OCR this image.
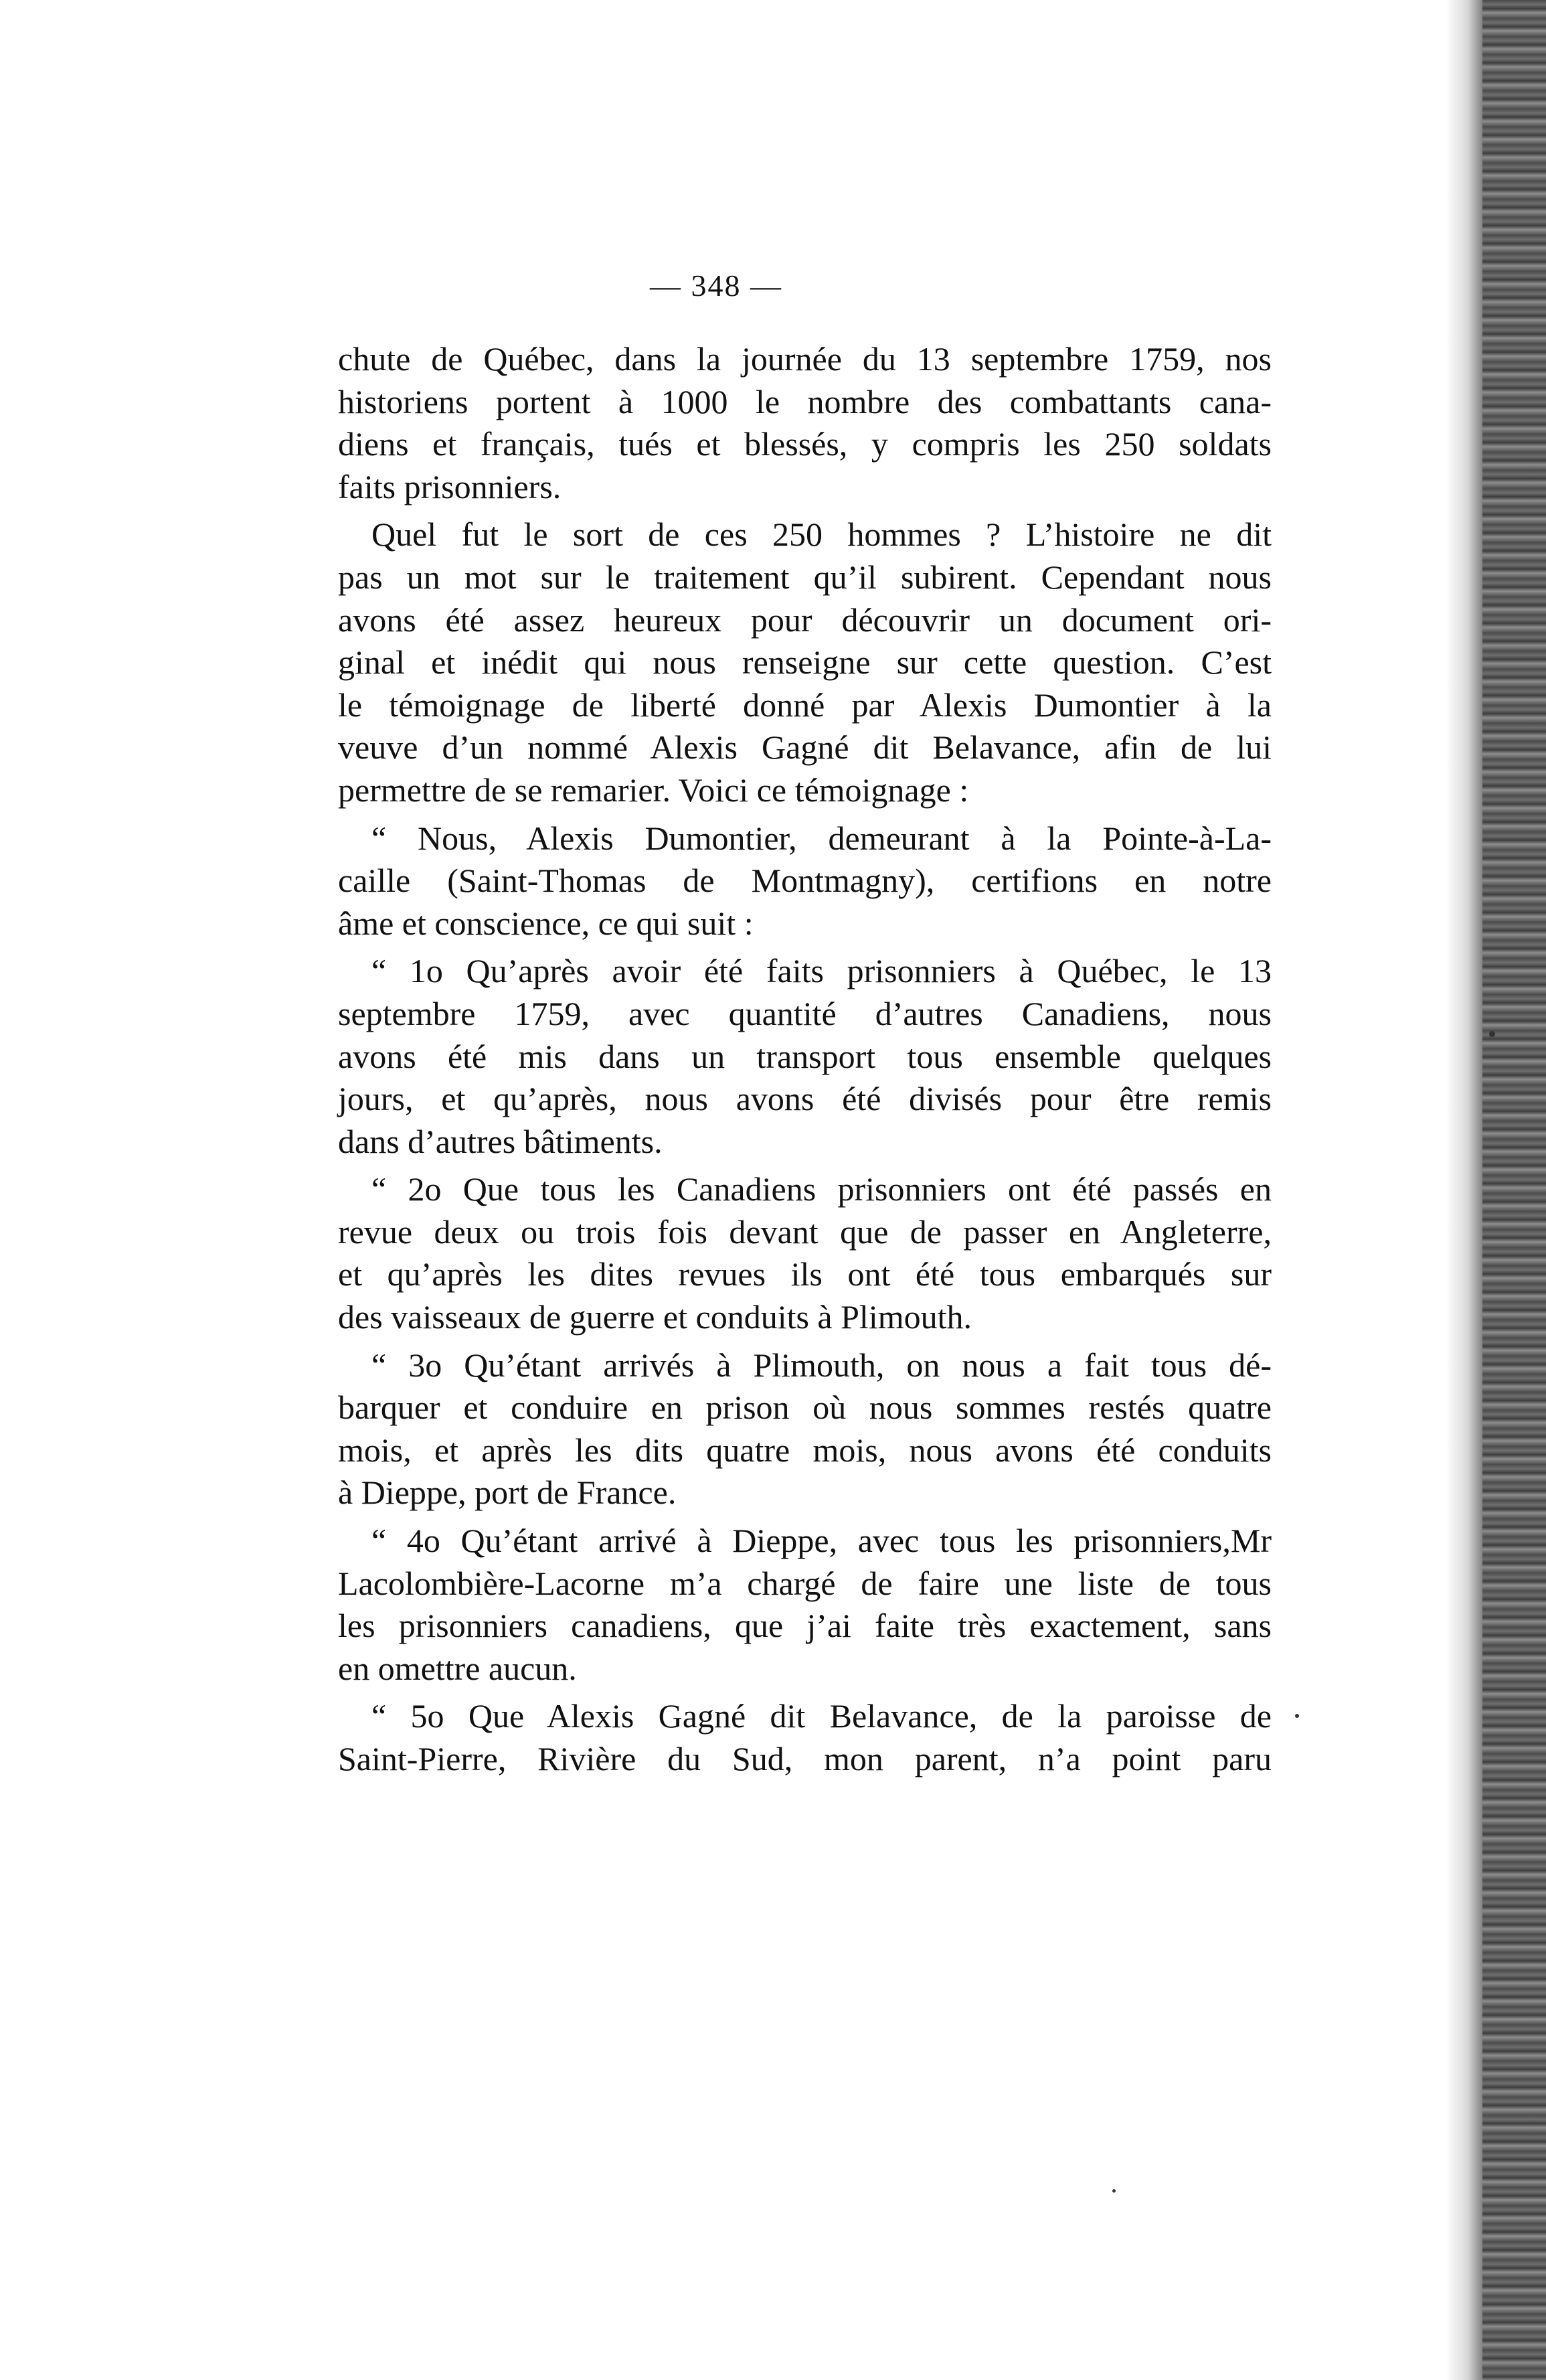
— 348 —
chute de Québec, dans la journée du 13 septembre 1759, nos
historiens portent à 1000 le nombre des combattants cana-
diens et français, tués et blessés, y compris les 250 soldats
faits prisonniers.
Quel fut le sort de ces 250 hommes ? L’histoire ne dit
pas un mot sur le traitement qu’il subirent. Cependant nous
avons été assez heureux pour découvrir un document ori-
ginal et inédit qui nous renseigne sur cette question. C’est
le témoignage de liberté donné par Alexis Dumontier à la
veuve d’un nommé Alexis Gagné dit Belavance, afin de lui
permettre de se remarier. Voici ce témoignage :
“ Nous, Alexis Dumontier, demeurant à la Pointe-à-La-
caille (Saint-Thomas de Montmagny), certifions en notre
âme et conscience, ce qui suit :
“ 1o Qu’après avoir été faits prisonniers à Québec, le 13
septembre 1759, avec quantité d’autres Canadiens, nous
avons été mis dans un transport tous ensemble quelques
jours, et qu’après, nous avons été divisés pour être remis
dans d’autres bâtiments.
“ 2o Que tous les Canadiens prisonniers ont été passés en
revue deux ou trois fois devant que de passer en Angleterre,
et qu’après les dites revues ils ont été tous embarqués sur
des vaisseaux de guerre et conduits à Plimouth.
“ 3o Qu’étant arrivés à Plimouth, on nous a fait tous dé-
barquer et conduire en prison où nous sommes restés quatre
mois, et après les dits quatre mois, nous avons été conduits
à Dieppe, port de France.
“ 4o Qu’étant arrivé à Dieppe, avec tous les prisonniers,Mr
Lacolombière-Lacorne m’a chargé de faire une liste de tous
les prisonniers canadiens, que j’ai faite très exactement, sans
en omettre aucun.
“ 5o Que Alexis Gagné dit Belavance, de la paroisse de
Saint-Pierre, Rivière du Sud, mon parent, n’a point paru
